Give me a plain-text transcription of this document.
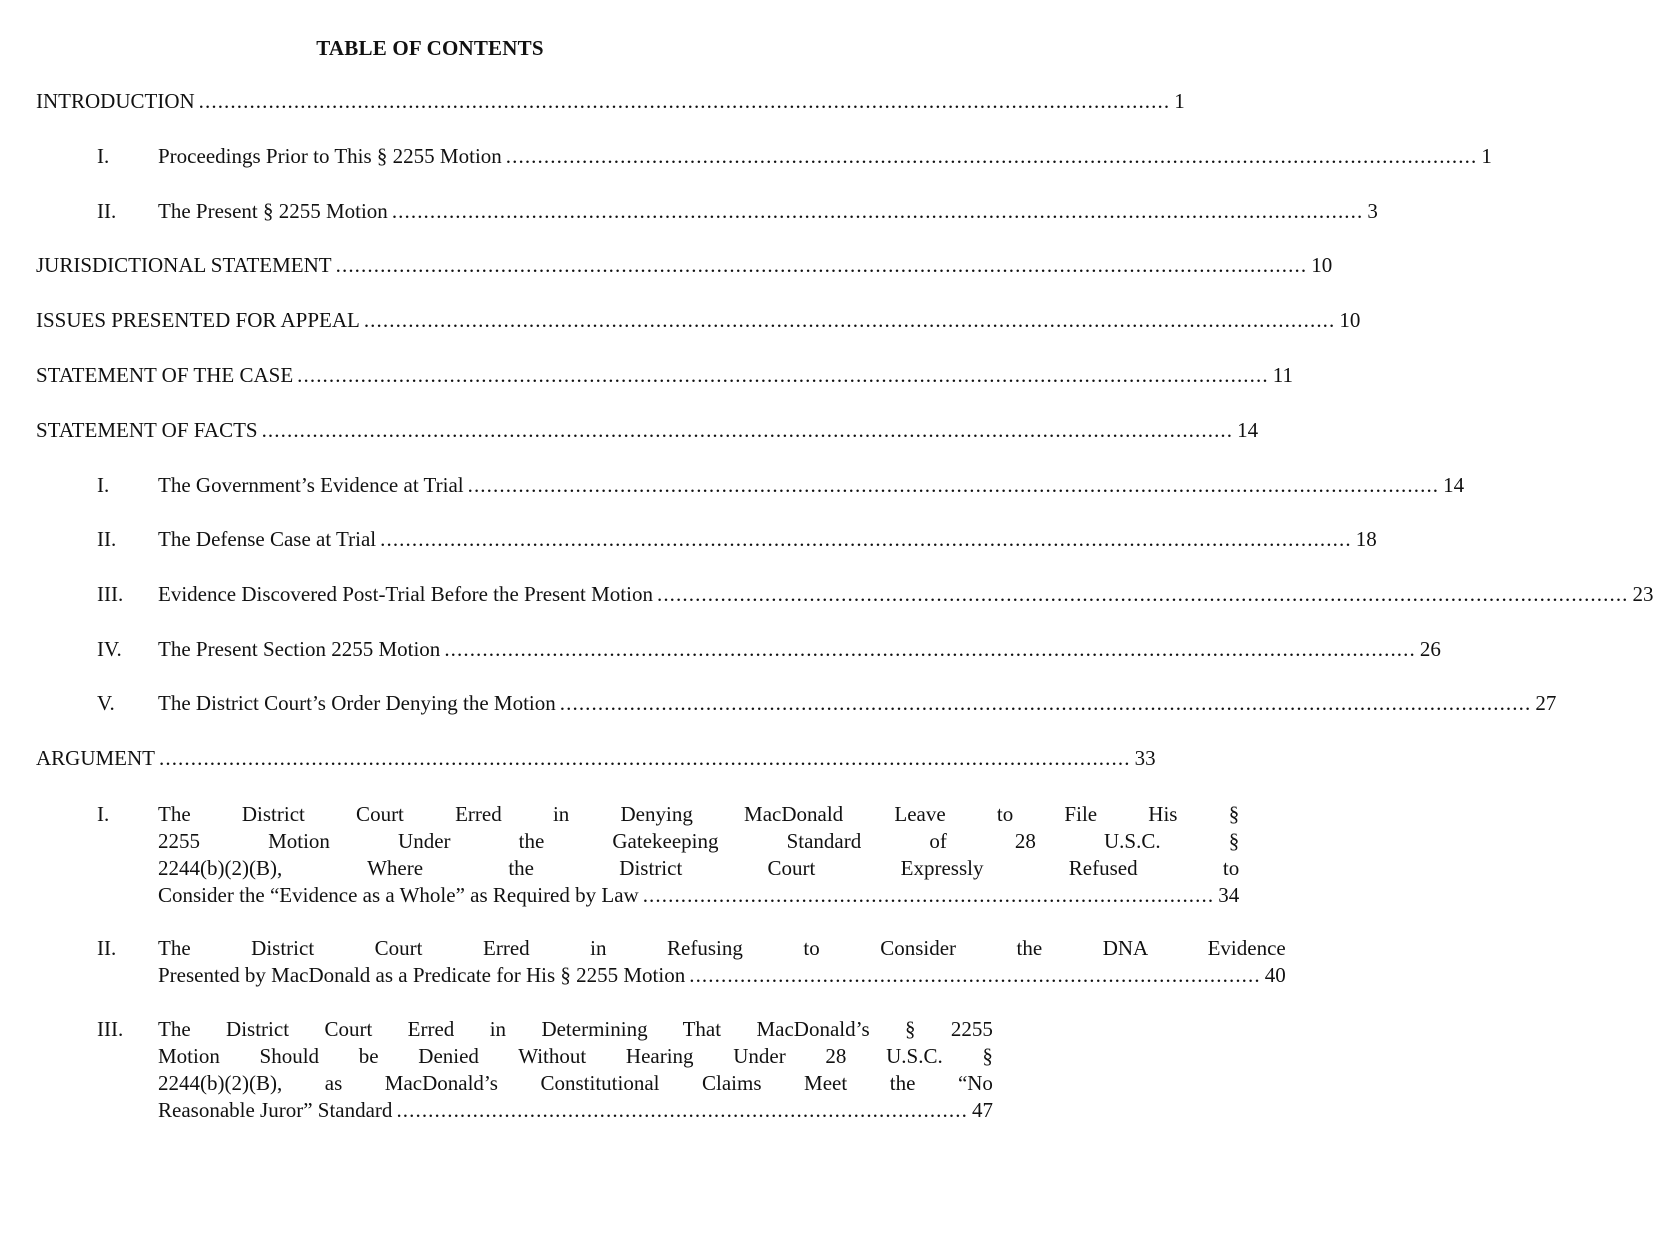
TABLE OF CONTENTS
INTRODUCTION ......................................................................................................................................................... 1
I.	Proceedings Prior to This § 2255 Motion ......................................................................................................................................................... 1
II.	The Present § 2255 Motion ......................................................................................................................................................... 3
JURISDICTIONAL STATEMENT ......................................................................................................................................................... 10
ISSUES PRESENTED FOR APPEAL ......................................................................................................................................................... 10
STATEMENT OF THE CASE ......................................................................................................................................................... 11
STATEMENT OF FACTS ......................................................................................................................................................... 14
I.	The Government’s Evidence at Trial ......................................................................................................................................................... 14
II.	The Defense Case at Trial ......................................................................................................................................................... 18
III.	Evidence Discovered Post-Trial Before the Present Motion ......................................................................................................................................................... 23
IV.	The Present Section 2255 Motion ......................................................................................................................................................... 26
V.	The District Court’s Order Denying the Motion ......................................................................................................................................................... 27
ARGUMENT ......................................................................................................................................................... 33
I.	The District Court Erred in Denying MacDonald Leave to File His §
2255 Motion Under the Gatekeeping Standard of 28 U.S.C. §
2244(b)(2)(B), Where the District Court Expressly Refused to
Consider the “Evidence as a Whole” as Required by Law .......................................................................................... 34
II.	The District Court Erred in Refusing to Consider the DNA Evidence
Presented by MacDonald as a Predicate for His § 2255 Motion .......................................................................................... 40
III.	The District Court Erred in Determining That MacDonald’s § 2255
Motion Should be Denied Without Hearing Under 28 U.S.C. §
2244(b)(2)(B), as MacDonald’s Constitutional Claims Meet the “No
Reasonable Juror” Standard .......................................................................................... 47
